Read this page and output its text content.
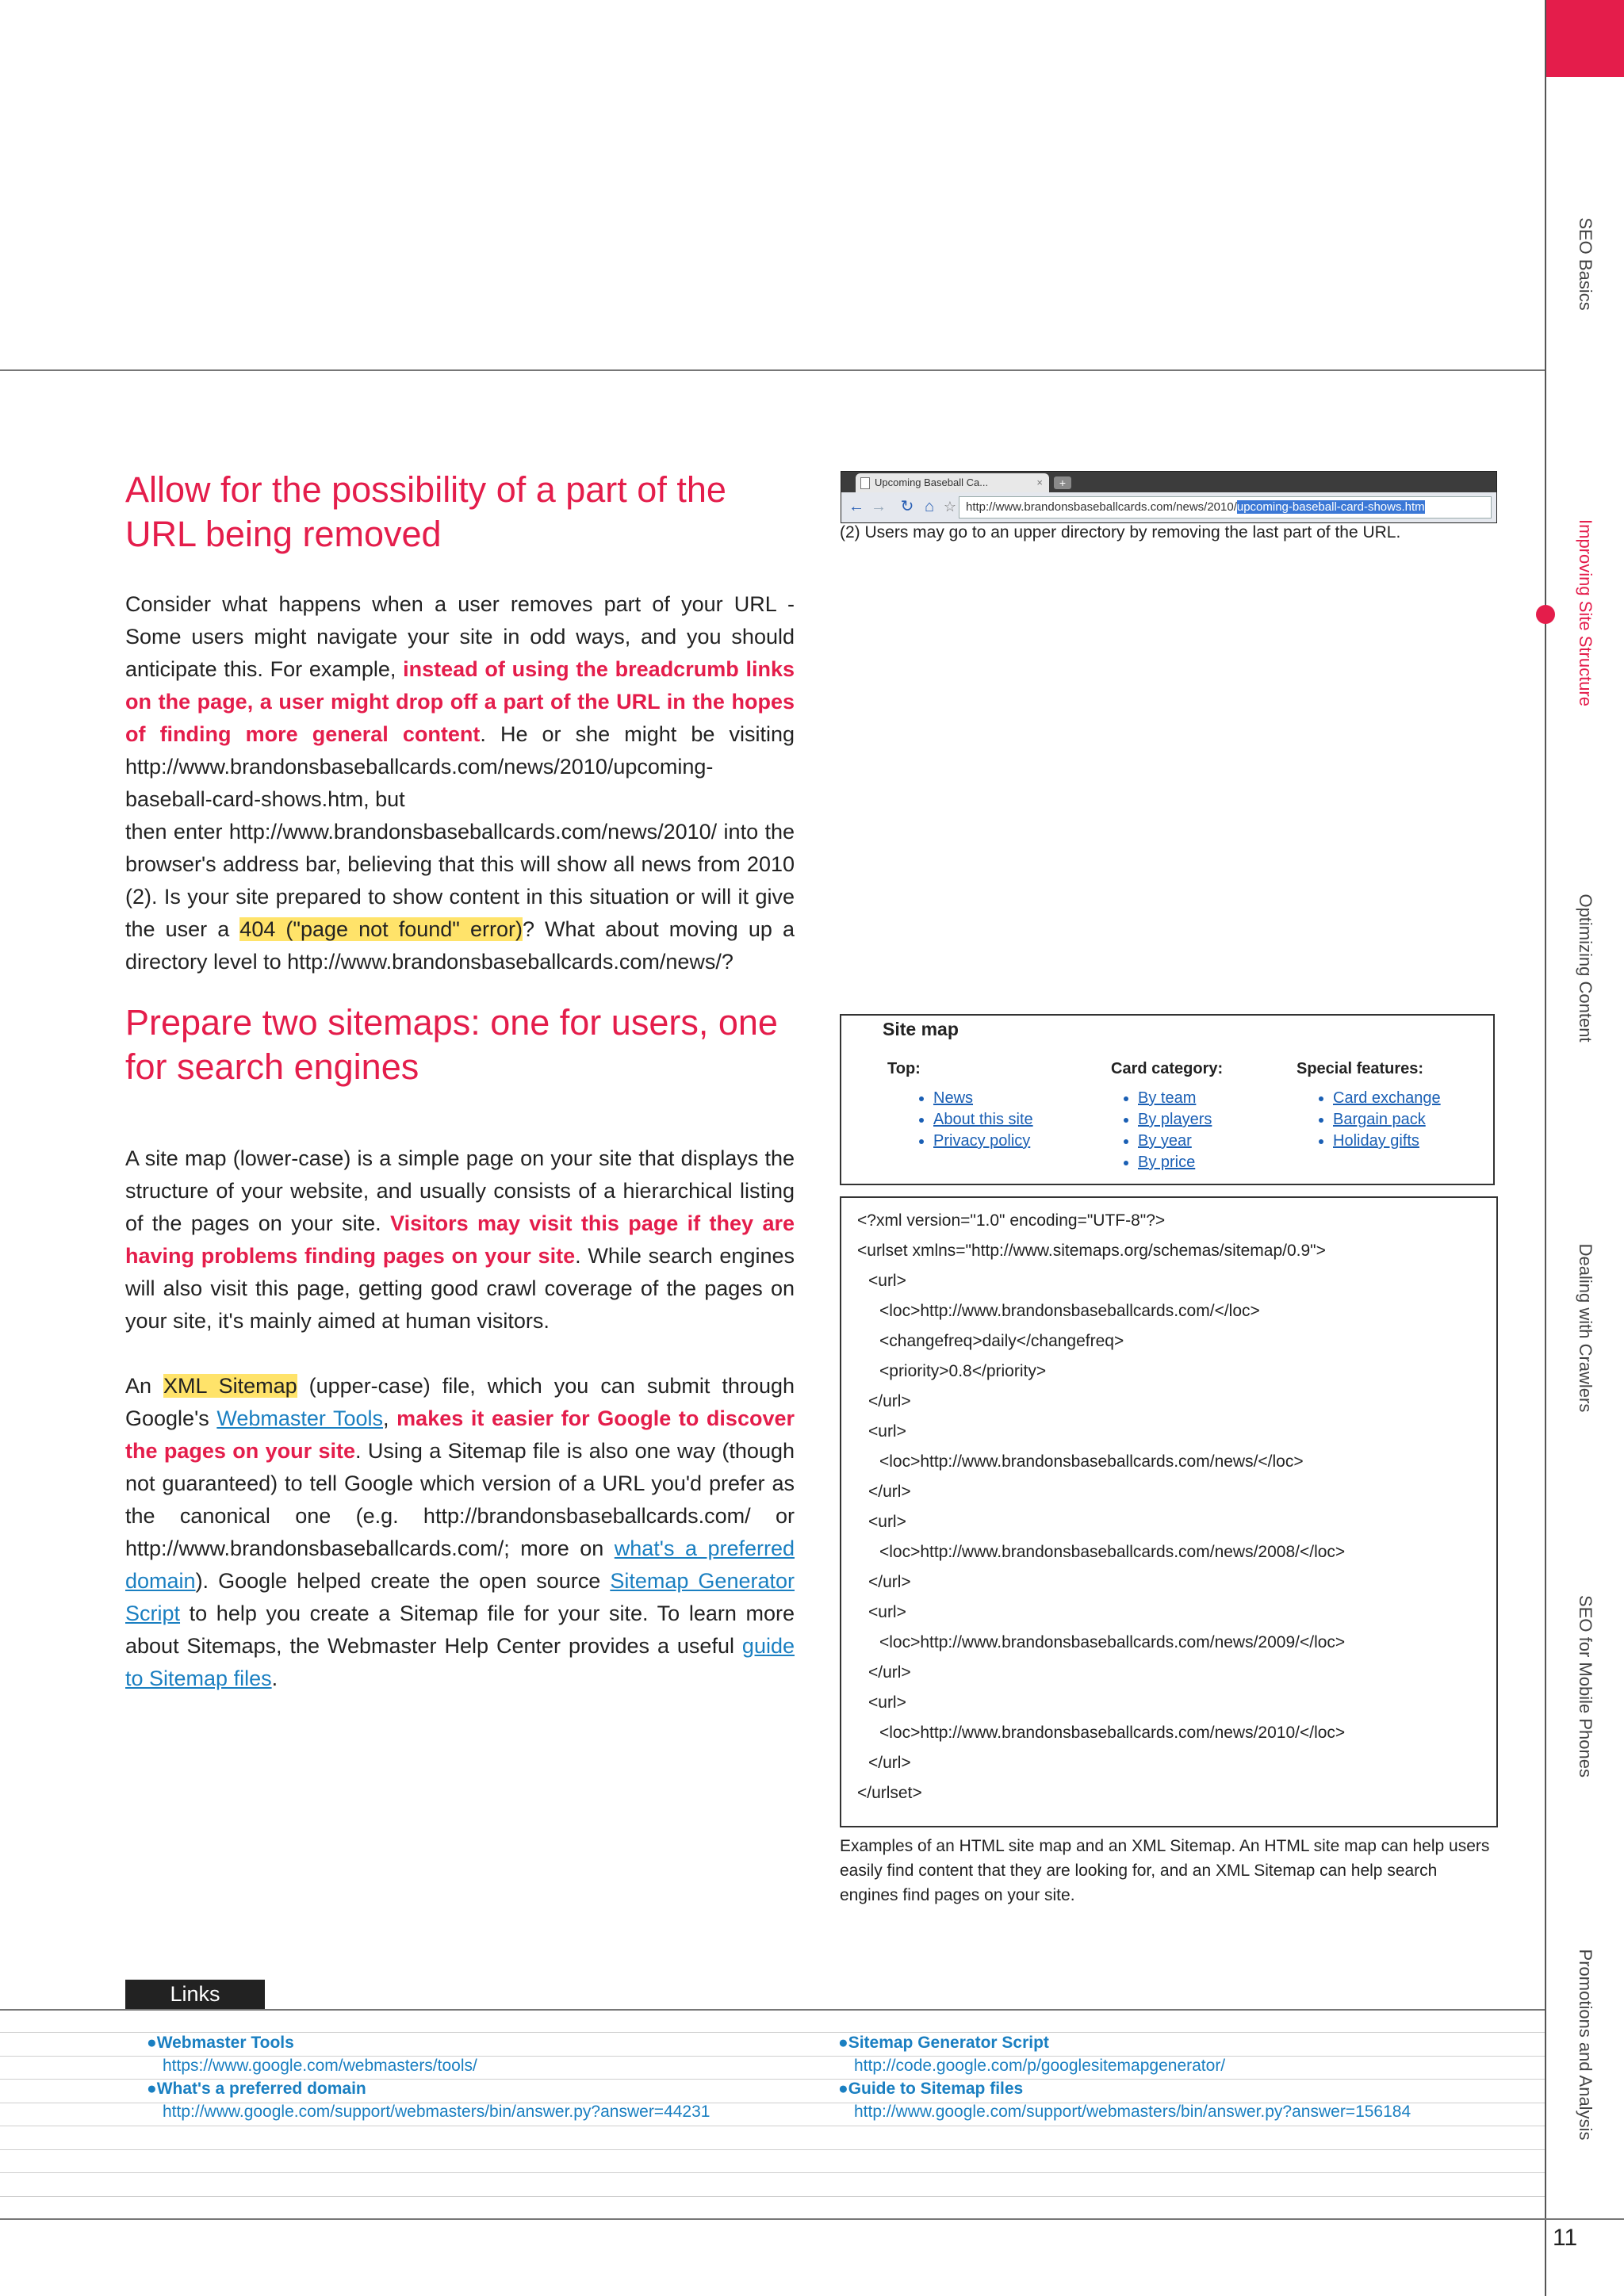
SEO Basics
Improving Site Structure
Optimizing Content
Dealing with Crawlers
SEO for Mobile Phones
Promotions and Analysis
Allow for the possibility of a part of the
URL being removed

Consider what happens when a user removes part of your URL - Some users might navigate your site in odd ways, and you should anticipate this. For example, instead of using the breadcrumb links on the page, a user might drop off a part of the URL in the hopes of finding more general content. He or she might be visiting http://www.brandonsbaseballcards.com/news/2010/upcoming-baseball-card-shows.htm, but

then enter http://www.brandonsbaseballcards.com/news/2010/ into the browser's address bar, believing that this will show all news from 2010 (2). Is your site prepared to show content in this situation or will it give the user a 404 ("page not found" error)? What about moving up a directory level to http://www.brandonsbaseballcards.com/news/?

Upcoming Baseball Ca...	×	+
← → ↻ ⌂ ☆ http://www.brandonsbaseballcards.com/news/2010/upcoming-baseball-card-shows.htm
(2) Users may go to an upper directory by removing the last part of the URL.
Prepare two sitemaps: one for users, one
for search engines

A site map (lower-case) is a simple page on your site that displays the structure of your website, and usually consists of a hierarchical listing of the pages on your site. Visitors may visit this page if they are having problems finding pages on your site. While search engines will also visit this page, getting good crawl coverage of the pages on your site, it's mainly aimed at human visitors.

An XML Sitemap (upper-case) file, which you can submit through Google's Webmaster Tools, makes it easier for Google to discover the pages on your site. Using a Sitemap file is also one way (though not guaranteed) to tell Google which version of a URL you'd prefer as the canonical one (e.g. http://brandonsbaseballcards.com/ or http://www.brandonsbaseballcards.com/; more on what's a preferred domain). Google helped create the open source Sitemap Generator Script to help you create a Sitemap file for your site. To learn more about Sitemaps, the Webmaster Help Center provides a useful guide to Sitemap files.

Site map
Top:
• News
• About this site
• Privacy policy
Card category:
• By team
• By players
• By year
• By price
Special features:
• Card exchange
• Bargain pack
• Holiday gifts
<?xml version="1.0" encoding="UTF-8"?>
<urlset xmlns="http://www.sitemaps.org/schemas/sitemap/0.9">
<url>
<loc>http://www.brandonsbaseballcards.com/</loc>
<changefreq>daily</changefreq>
<priority>0.8</priority>
</url>
<url>
<loc>http://www.brandonsbaseballcards.com/news/</loc>
</url>
<url>
<loc>http://www.brandonsbaseballcards.com/news/2008/</loc>
</url>
<url>
<loc>http://www.brandonsbaseballcards.com/news/2009/</loc>
</url>
<url>
<loc>http://www.brandonsbaseballcards.com/news/2010/</loc>
</url>
</urlset>
Examples of an HTML site map and an XML Sitemap. An HTML site map can help users easily find content that they are looking for, and an XML Sitemap can help search engines find pages on your site.
Links
●Webmaster Tools
https://www.google.com/webmasters/tools/
●What's a preferred domain
http://www.google.com/support/webmasters/bin/answer.py?answer=44231
●Sitemap Generator Script
http://code.google.com/p/googlesitemapgenerator/
●Guide to Sitemap files
http://www.google.com/support/webmasters/bin/answer.py?answer=156184
11
